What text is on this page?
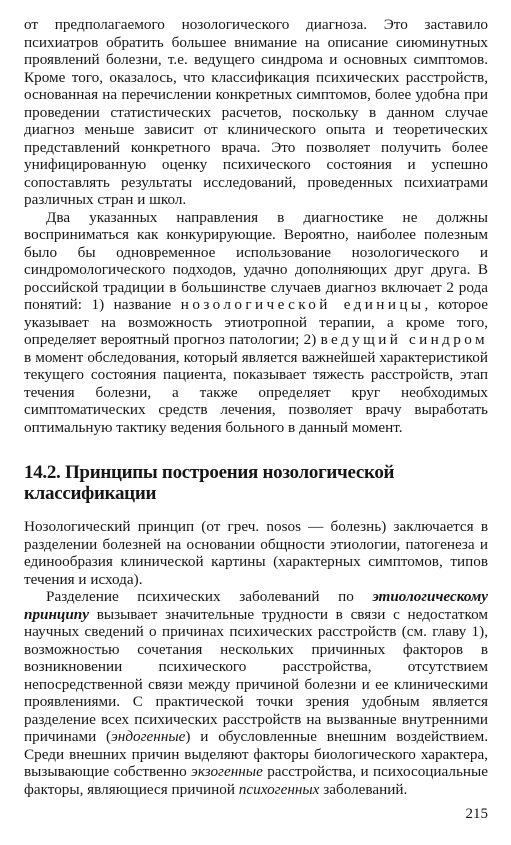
от предполагаемого нозологического диагноза. Это заставило психиатров обратить большее внимание на описание сиюминутных проявлений болезни, т.е. ведущего синдрома и основных симптомов. Кроме того, оказалось, что классификация психических расстройств, основанная на перечислении конкретных симптомов, более удобна при проведении статистических расчетов, поскольку в данном случае диагноз меньше зависит от клинического опыта и теоретических представлений конкретного врача. Это позволяет получить более унифицированную оценку психического состояния и успешно сопоставлять результаты исследований, проведенных психиатрами различных стран и школ.

Два указанных направления в диагностике не должны восприниматься как конкурирующие. Вероятно, наиболее полезным было бы одновременное использование нозологического и синдромологического подходов, удачно дополняющих друг друга. В российской традиции в большинстве случаев диагноз включает 2 рода понятий: 1) название нозологической единицы, которое указывает на возможность этиотропной терапии, а кроме того, определяет вероятный прогноз патологии; 2) ведущий синдром в момент обследования, который является важнейшей характеристикой текущего состояния пациента, показывает тяжесть расстройств, этап течения болезни, а также определяет круг необходимых симптоматических средств лечения, позволяет врачу выработать оптимальную тактику ведения больного в данный момент.

14.2. Принципы построения нозологической классификации

Нозологический принцип (от греч. nosos — болезнь) заключается в разделении болезней на основании общности этиологии, патогенеза и единообразия клинической картины (характерных симптомов, типов течения и исхода).

Разделение психических заболеваний по этиологическому принципу вызывает значительные трудности в связи с недостатком научных сведений о причинах психических расстройств (см. главу 1), возможностью сочетания нескольких причинных факторов в возникновении психического расстройства, отсутствием непосредственной связи между причиной болезни и ее клиническими проявлениями. С практической точки зрения удобным является разделение всех психических расстройств на вызванные внутренними причинами (эндогенные) и обусловленные внешним воздействием. Среди внешних причин выделяют факторы биологического характера, вызывающие собственно экзогенные расстройства, и психосоциальные факторы, являющиеся причиной психогенных заболеваний.

215
